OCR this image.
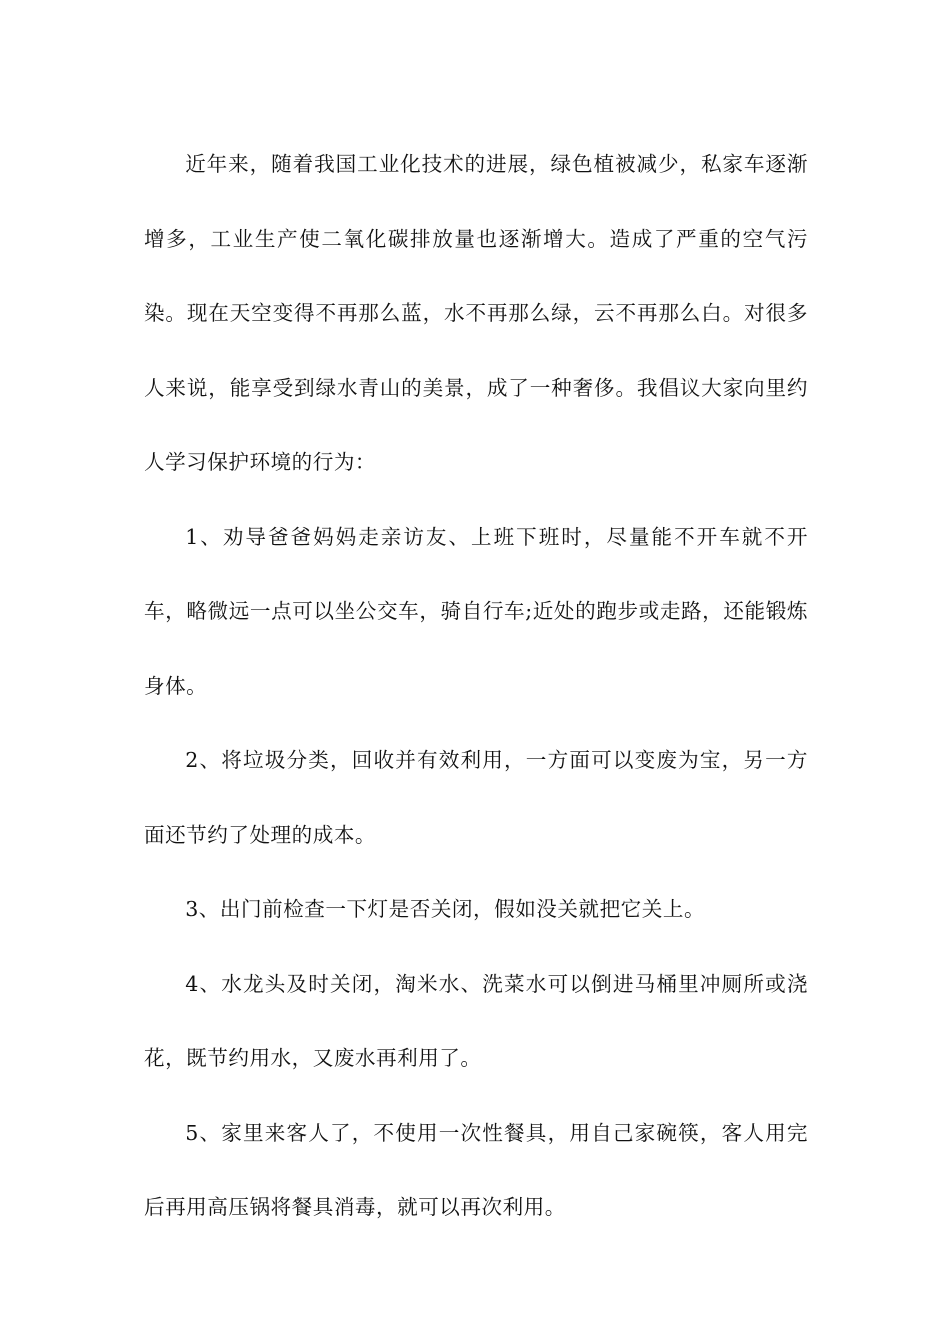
近年来，随着我国工业化技术的进展，绿色植被减少，私家车逐渐增多，工业生产使二氧化碳排放量也逐渐增大。造成了严重的空气污染。现在天空变得不再那么蓝，水不再那么绿，云不再那么白。对很多人来说，能享受到绿水青山的美景，成了一种奢侈。我倡议大家向里约人学习保护环境的行为：

1、劝导爸爸妈妈走亲访友、上班下班时，尽量能不开车就不开车，略微远一点可以坐公交车，骑自行车;近处的跑步或走路，还能锻炼身体。

2、将垃圾分类，回收并有效利用，一方面可以变废为宝，另一方面还节约了处理的成本。

3、出门前检查一下灯是否关闭，假如没关就把它关上。

4、水龙头及时关闭，淘米水、洗菜水可以倒进马桶里冲厕所或浇花，既节约用水，又废水再利用了。

5、家里来客人了，不使用一次性餐具，用自己家碗筷，客人用完后再用高压锅将餐具消毒，就可以再次利用。
